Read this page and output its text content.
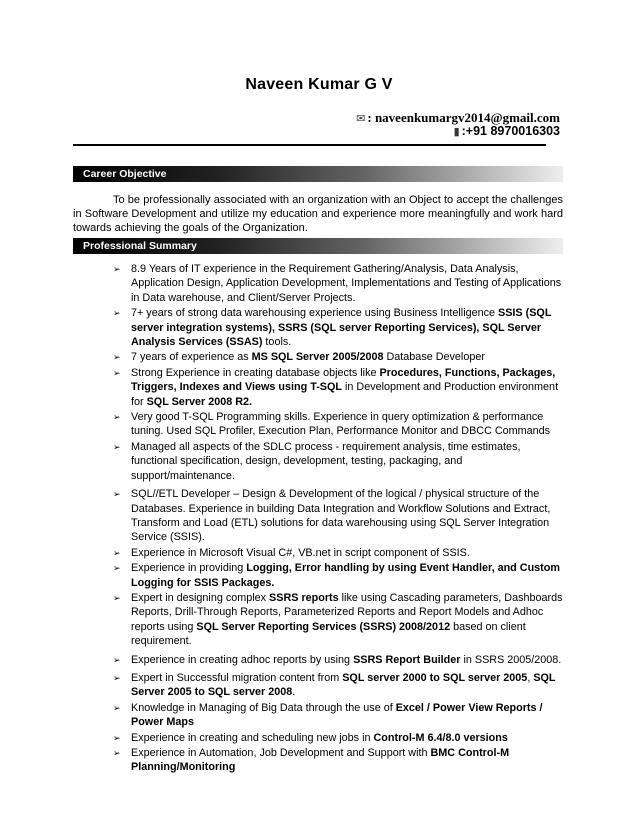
Naveen Kumar G V
✉ : naveenkumargv2014@gmail.com
▮ :+91 8970016303
Career Objective
To be professionally associated with an organization with an Object to accept the challenges in Software Development and utilize my education and experience more meaningfully and work hard towards achieving the goals of the Organization.
Professional Summary
➢ 8.9 Years of IT experience in the Requirement Gathering/Analysis, Data Analysis, Application Design, Application Development, Implementations and Testing of Applications in Data warehouse, and Client/Server Projects.
➢ 7+ years of strong data warehousing experience using Business Intelligence SSIS (SQL server integration systems), SSRS (SQL server Reporting Services), SQL Server Analysis Services (SSAS) tools.
➢ 7 years of experience as MS SQL Server 2005/2008 Database Developer
➢ Strong Experience in creating database objects like Procedures, Functions, Packages, Triggers, Indexes and Views using T-SQL in Development and Production environment for SQL Server 2008 R2.
➢ Very good T-SQL Programming skills. Experience in query optimization & performance tuning. Used SQL Profiler, Execution Plan, Performance Monitor and DBCC Commands
➢ Managed all aspects of the SDLC process - requirement analysis, time estimates, functional specification, design, development, testing, packaging, and support/maintenance.
➢ SQL//ETL Developer – Design & Development of the logical / physical structure of the Databases. Experience in building Data Integration and Workflow Solutions and Extract, Transform and Load (ETL) solutions for data warehousing using SQL Server Integration Service (SSIS).
➢ Experience in Microsoft Visual C#, VB.net in script component of SSIS.
➢ Experience in providing Logging, Error handling by using Event Handler, and Custom Logging for SSIS Packages.
➢ Expert in designing complex SSRS reports like using Cascading parameters, Dashboards Reports, Drill-Through Reports, Parameterized Reports and Report Models and Adhoc reports using SQL Server Reporting Services (SSRS) 2008/2012 based on client requirement.
➢ Experience in creating adhoc reports by using SSRS Report Builder in SSRS 2005/2008.
➢ Expert in Successful migration content from SQL server 2000 to SQL server 2005, SQL Server 2005 to SQL server 2008.
➢ Knowledge in Managing of Big Data through the use of Excel / Power View Reports / Power Maps
➢ Experience in creating and scheduling new jobs in Control-M 6.4/8.0 versions
➢ Experience in Automation, Job Development and Support with BMC Control-M Planning/Monitoring
